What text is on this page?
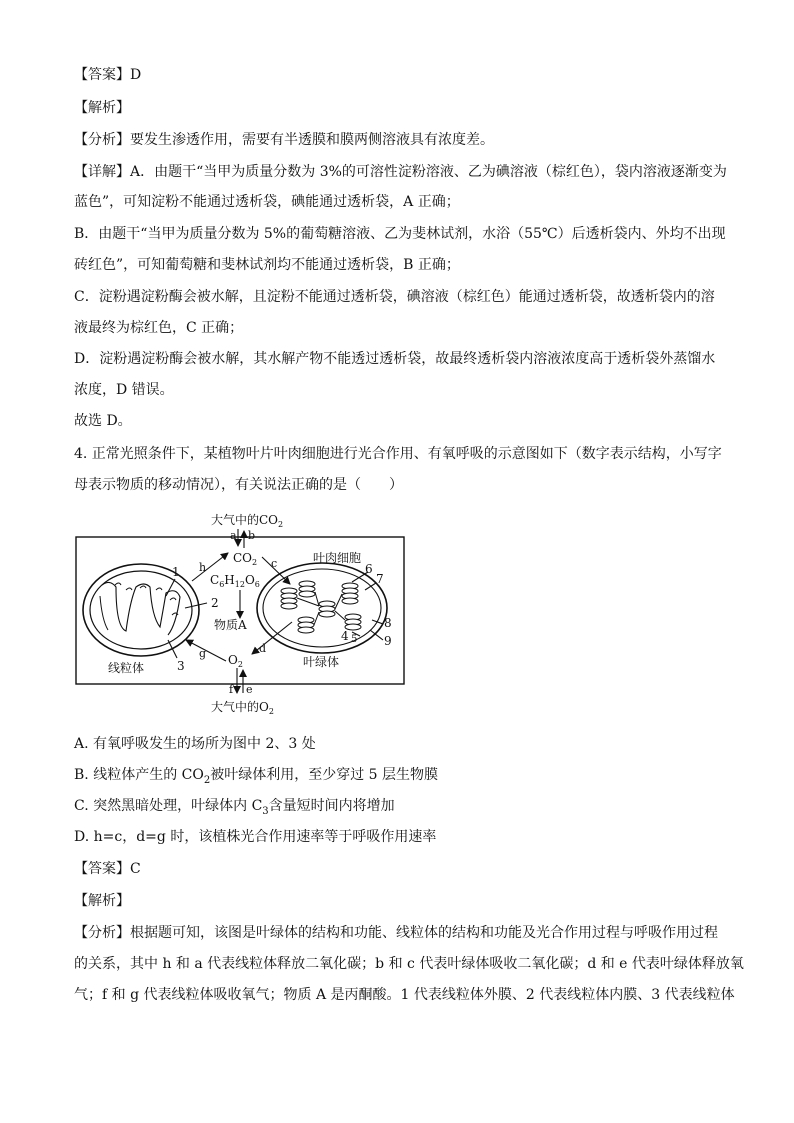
【答案】D
【解析】
【分析】要发生渗透作用，需要有半透膜和膜两侧溶液具有浓度差。
【详解】A．由题干“当甲为质量分数为 3%的可溶性淀粉溶液、乙为碘溶液（棕红色），袋内溶液逐渐变为
蓝色”，可知淀粉不能通过透析袋，碘能通过透析袋，A 正确；
B．由题干“当甲为质量分数为 5%的葡萄糖溶液、乙为斐林试剂，水浴（55℃）后透析袋内、外均不出现
砖红色”，可知葡萄糖和斐林试剂均不能通过透析袋，B 正确；
C．淀粉遇淀粉酶会被水解，且淀粉不能通过透析袋，碘溶液（棕红色）能通过透析袋，故透析袋内的溶
液最终为棕红色，C 正确；
D．淀粉遇淀粉酶会被水解，其水解产物不能透过透析袋，故最终透析袋内溶液浓度高于透析袋外蒸馏水
浓度，D 错误。
故选 D。
4. 正常光照条件下，某植物叶片叶肉细胞进行光合作用、有氧呼吸的示意图如下（数字表示结构，小写字
母表示物质的移动情况），有关说法正确的是（　　）
大气中的$CO_2$
a b
$CO_2$
h	c
$C_6H_{12}O_6$
物质A
叶肉细胞
g	d
$O_2$
线粒体	叶绿体
f e
大气中的$O_2$
1
2
3
4 5
6
7
8
9
A. 有氧呼吸发生的场所为图中 2、3 处
B. 线粒体产生的 $CO_2$被叶绿体利用，至少穿过 5 层生物膜
C. 突然黑暗处理，叶绿体内 $C_3$含量短时间内将增加
D. h=c，d=g 时，该植株光合作用速率等于呼吸作用速率
【答案】C
【解析】
【分析】根据题可知，该图是叶绿体的结构和功能、线粒体的结构和功能及光合作用过程与呼吸作用过程
的关系，其中 h 和 a 代表线粒体释放二氧化碳；b 和 c 代表叶绿体吸收二氧化碳；d 和 e 代表叶绿体释放氧
气；f 和 g 代表线粒体吸收氧气；物质 A 是丙酮酸。1 代表线粒体外膜、2 代表线粒体内膜、3 代表线粒体
